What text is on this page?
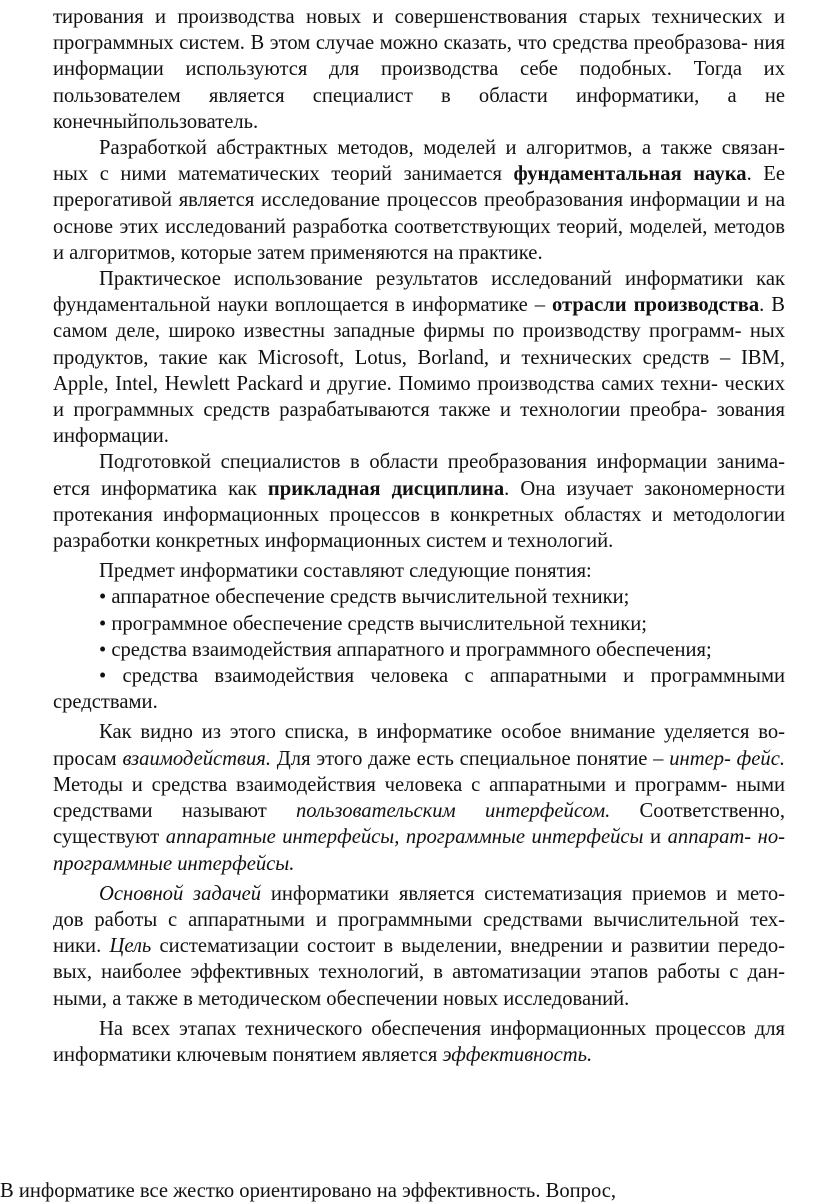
тирования и производства новых и совершенствования старых технических и программных систем. В этом случае можно сказать, что средства преобразова- ния информации используются для производства себе подобных. Тогда их пользователем является специалист в области информатики, а не конечныйпользователь.

Разработкой абстрактных методов, моделей и алгоритмов, а также связан- ных с ними математических теорий занимается фундаментальная наука. Ее прерогативой является исследование процессов преобразования информации и на основе этих исследований разработка соответствующих теорий, моделей, методов и алгоритмов, которые затем применяются на практике.

Практическое использование результатов исследований информатики как фундаментальной науки воплощается в информатике – отрасли производства. В самом деле, широко известны западные фирмы по производству программ- ных продуктов, такие как Microsoft, Lotus, Borland, и технических средств – IBM, Apple, Intel, Hewlett Packard и другие. Помимо производства самих техни- ческих и программных средств разрабатываются также и технологии преобра- зования информации.

Подготовкой специалистов в области преобразования информации занима- ется информатика как прикладная дисциплина. Она изучает закономерности протекания информационных процессов в конкретных областях и методологии разработки конкретных информационных систем и технологий.

Предмет информатики составляют следующие понятия:

• аппаратное обеспечение средств вычислительной техники;

• программное обеспечение средств вычислительной техники;

• средства взаимодействия аппаратного и программного обеспечения;

• средства взаимодействия человека с аппаратными и программными средствами.

Как видно из этого списка, в информатике особое внимание уделяется во- просам взаимодействия. Для этого даже есть специальное понятие – интер- фейс. Методы и средства взаимодействия человека с аппаратными и программ- ными средствами называют пользовательским интерфейсом. Соответственно, существуют аппаратные интерфейсы, программные интерфейсы и аппарат- но-программные интерфейсы.

Основной задачей информатики является систематизация приемов и мето- дов работы с аппаратными и программными средствами вычислительной тех- ники. Цель систематизации состоит в выделении, внедрении и развитии передо-вых, наиболее эффективных технологий, в автоматизации этапов работы с дан- ными, а также в методическом обеспечении новых исследований.

На всех этапах технического обеспечения информационных процессов для информатики ключевым понятием является эффективность.

В информатике все жестко ориентировано на эффективность. Вопрос,
